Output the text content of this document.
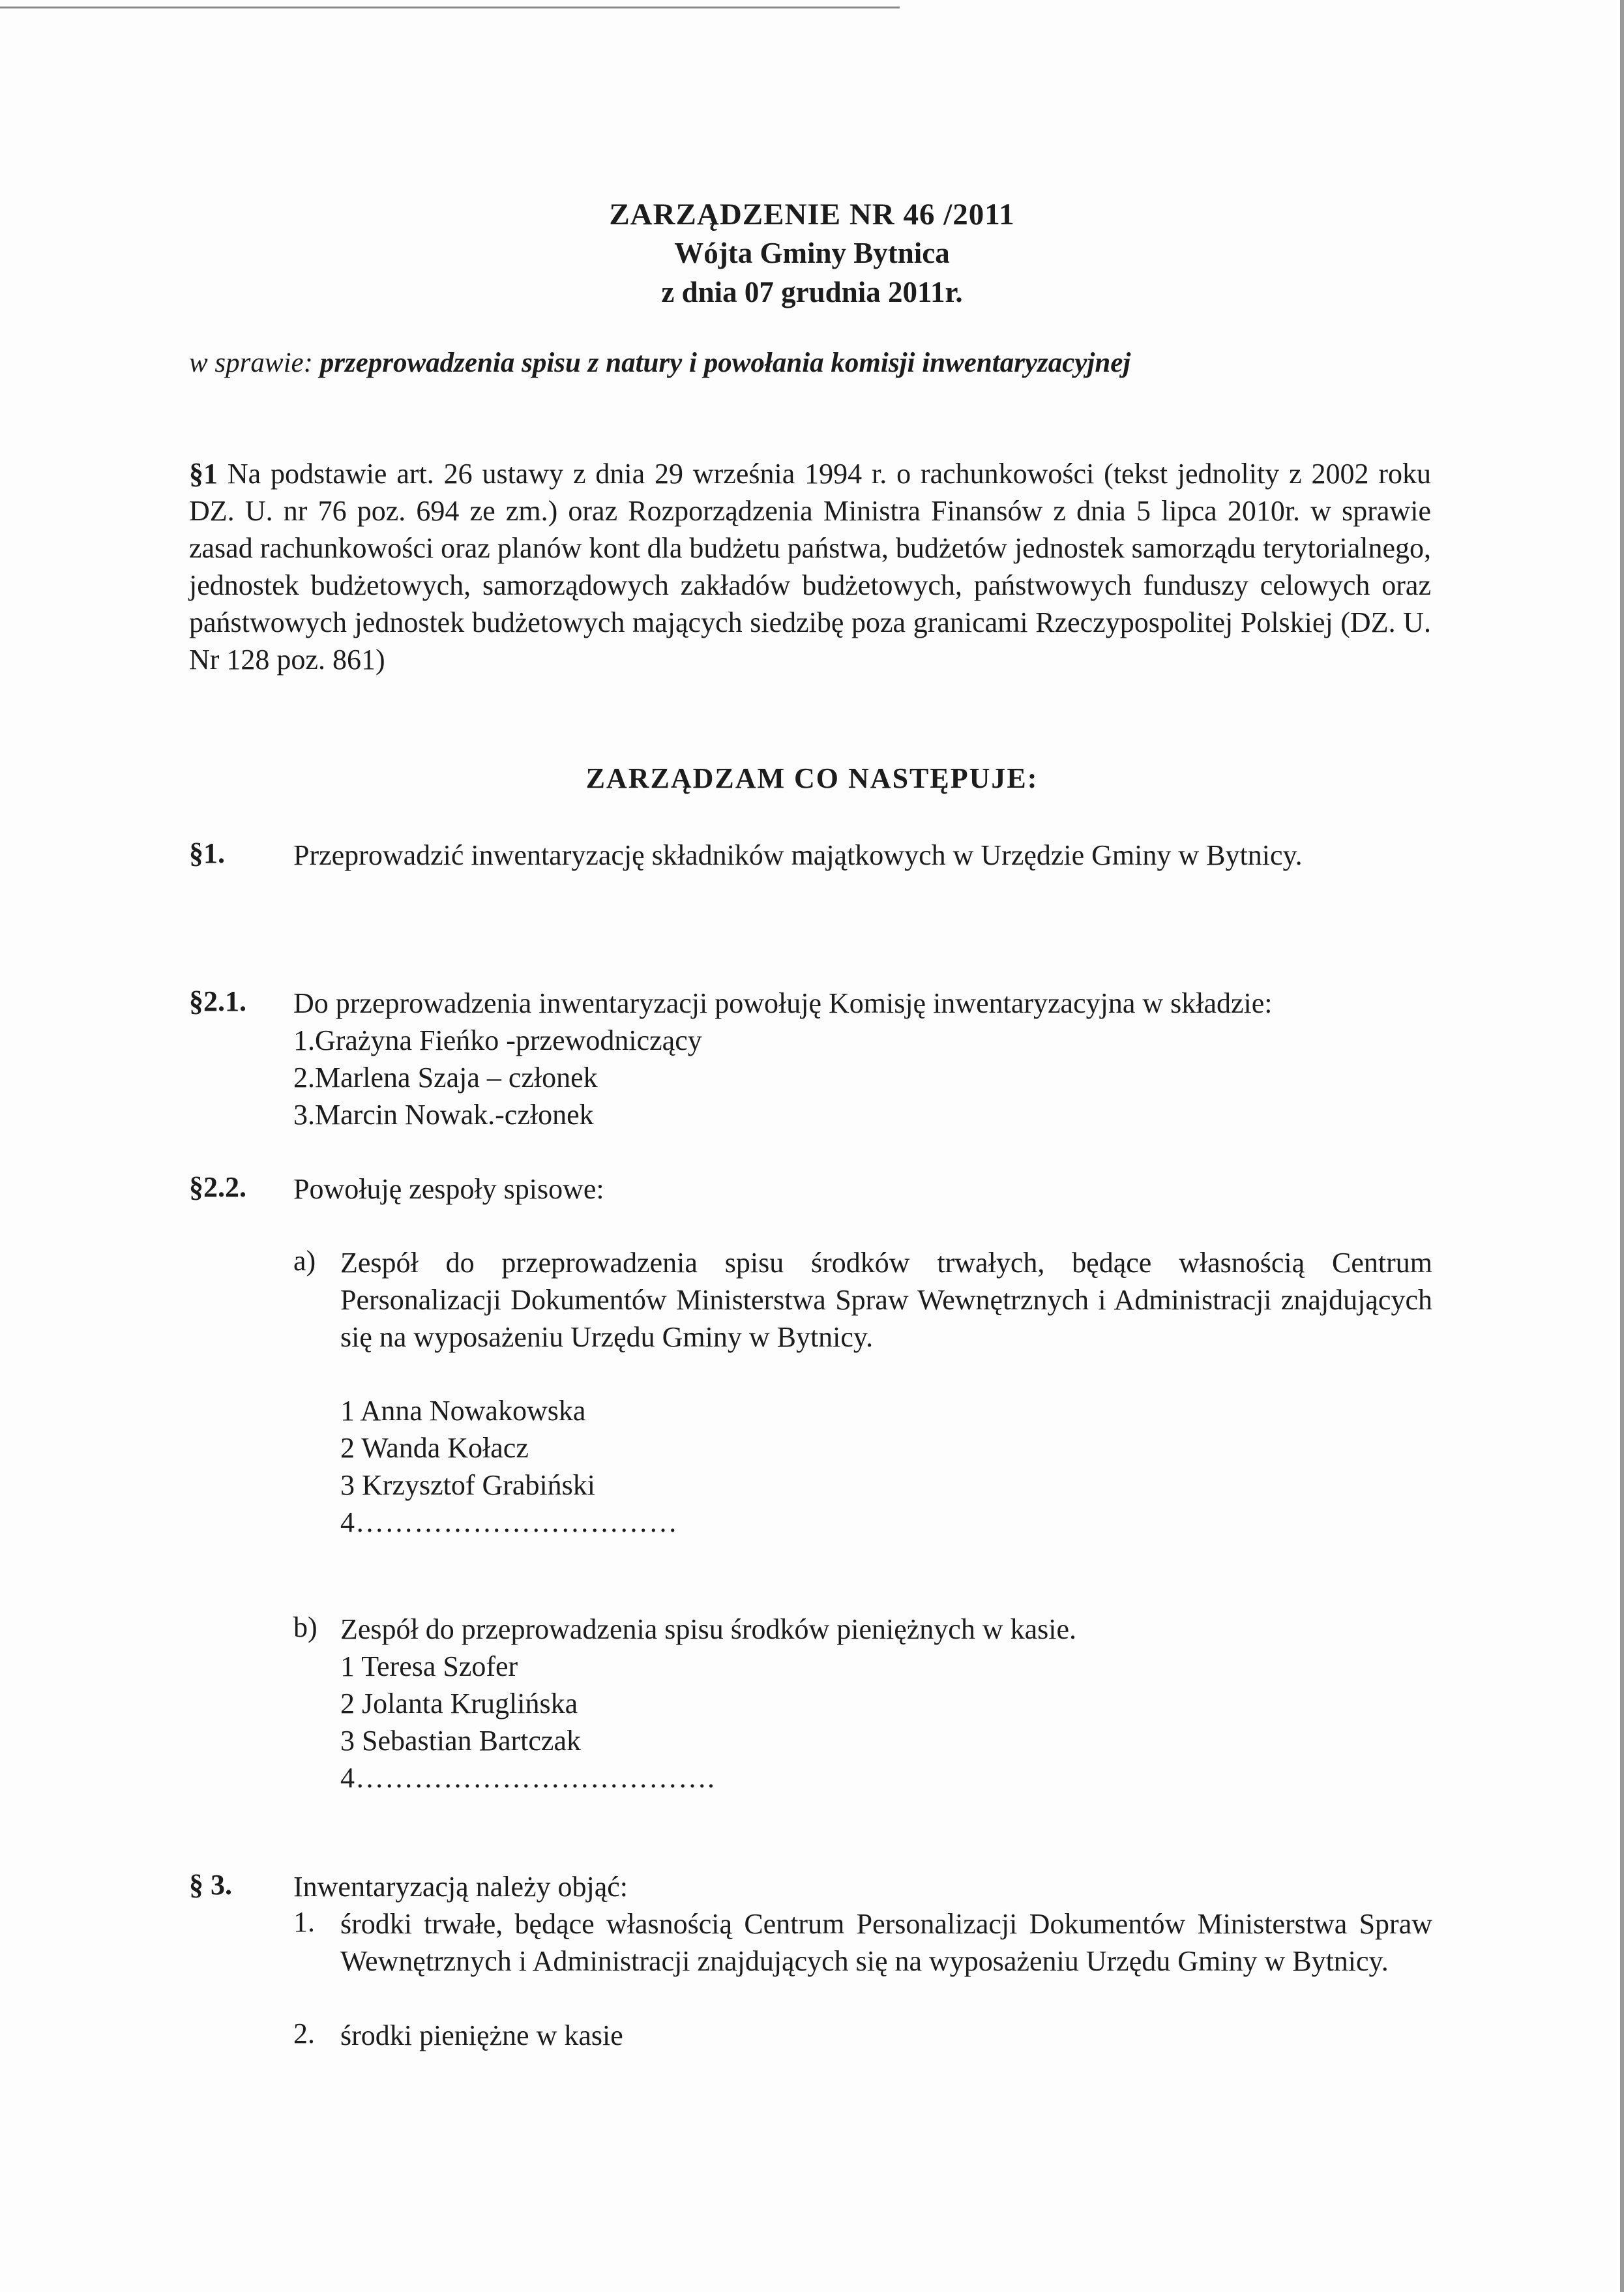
ZARZĄDZENIE NR 46 /2011
Wójta Gminy Bytnica
z dnia 07 grudnia 2011r.
w sprawie: przeprowadzenia spisu z natury i powołania komisji inwentaryzacyjnej

§1 Na podstawie art. 26 ustawy z dnia 29 września 1994 r. o rachunkowości (tekst jednolity z 2002 roku DZ. U. nr 76 poz. 694 ze zm.) oraz Rozporządzenia Ministra Finansów z dnia 5 lipca 2010r. w sprawie zasad rachunkowości oraz planów kont dla budżetu państwa, budżetów jednostek samorządu terytorialnego, jednostek budżetowych, samorządowych zakładów budżetowych, państwowych funduszy celowych oraz państwowych jednostek budżetowych mających siedzibę poza granicami Rzeczypospolitej Polskiej (DZ. U. Nr 128 poz. 861)

ZARZĄDZAM CO NASTĘPUJE:
§1. Przeprowadzić inwentaryzację składników majątkowych w Urzędzie Gminy w Bytnicy.
§2.1. Do przeprowadzenia inwentaryzacji powołuję Komisję inwentaryzacyjna w składzie:
1.Grażyna Fieńko -przewodniczący
2.Marlena Szaja – członek
3.Marcin Nowak.-członek
§2.2. Powołuję zespoły spisowe:
a) Zespół do przeprowadzenia spisu środków trwałych, będące własnością Centrum Personalizacji Dokumentów Ministerstwa Spraw Wewnętrznych i Administracji znajdujących się na wyposażeniu Urzędu Gminy w Bytnicy.
1 Anna Nowakowska
2 Wanda Kołacz
3 Krzysztof Grabiński
4……………………………
b) Zespół do przeprowadzenia spisu środków pieniężnych w kasie.
1 Teresa Szofer
2 Jolanta Kruglińska
3 Sebastian Bartczak
4……………………………….
§ 3. Inwentaryzacją należy objąć:
1. środki trwałe, będące własnością Centrum Personalizacji Dokumentów Ministerstwa Spraw Wewnętrznych i Administracji znajdujących się na wyposażeniu Urzędu Gminy w Bytnicy.
2. środki pieniężne w kasie
